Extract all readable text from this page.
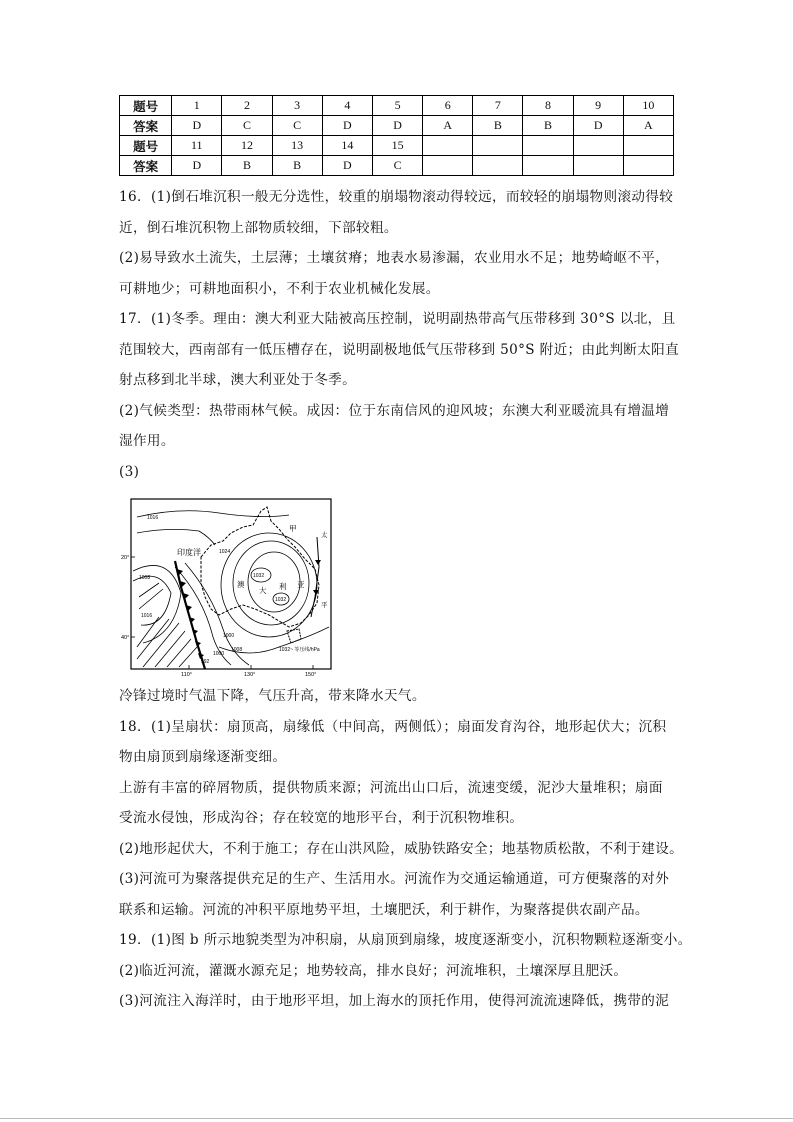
题号	1	2	3	4	5	6	7	8	9	10
答案	D	C	C	D	D	A	B	B	D	A
题号	11	12	13	14	15					
答案	D	B	B	D	C					

16．(1)倒石堆沉积一般无分选性，较重的崩塌物滚动得较远，而较轻的崩塌物则滚动得较

近，倒石堆沉积物上部物质较细，下部较粗。

(2)易导致水土流失，土层薄；土壤贫瘠；地表水易渗漏，农业用水不足；地势崎岖不平，

可耕地少；可耕地面积小，不利于农业机械化发展。

17．(1)冬季。理由：澳大利亚大陆被高压控制，说明副热带高气压带移到 30°S 以北，且

范围较大，西南部有一低压槽存在，说明副极地低气压带移到 50°S 附近；由此判断太阳直

射点移到北半球，澳大利亚处于冬季。

(2)气候类型：热带雨林气候。成因：位于东南信风的迎风坡；东澳大利亚暖流具有增温增

湿作用。

(3)

印度洋
澳
大 利 亚
甲
太
平
1016
1024
1032
1032
1016
1008
1000
1008
992
1000
20°
40°
110°	130°	150°
1032~ 等压线/hPa

冷锋过境时气温下降，气压升高，带来降水天气。

18．(1)呈扇状：扇顶高，扇缘低（中间高，两侧低）；扇面发育沟谷，地形起伏大；沉积

物由扇顶到扇缘逐渐变细。

上游有丰富的碎屑物质，提供物质来源；河流出山口后，流速变缓，泥沙大量堆积；扇面

受流水侵蚀，形成沟谷；存在较宽的地形平台，利于沉积物堆积。

(2)地形起伏大，不利于施工；存在山洪风险，威胁铁路安全；地基物质松散，不利于建设。

(3)河流可为聚落提供充足的生产、生活用水。河流作为交通运输通道，可方便聚落的对外

联系和运输。河流的冲积平原地势平坦，土壤肥沃，利于耕作，为聚落提供农副产品。

19．(1)图 b 所示地貌类型为冲积扇，从扇顶到扇缘，坡度逐渐变小，沉积物颗粒逐渐变小。

(2)临近河流，灌溉水源充足；地势较高，排水良好；河流堆积，土壤深厚且肥沃。

(3)河流注入海洋时，由于地形平坦，加上海水的顶托作用，使得河流流速降低，携带的泥
